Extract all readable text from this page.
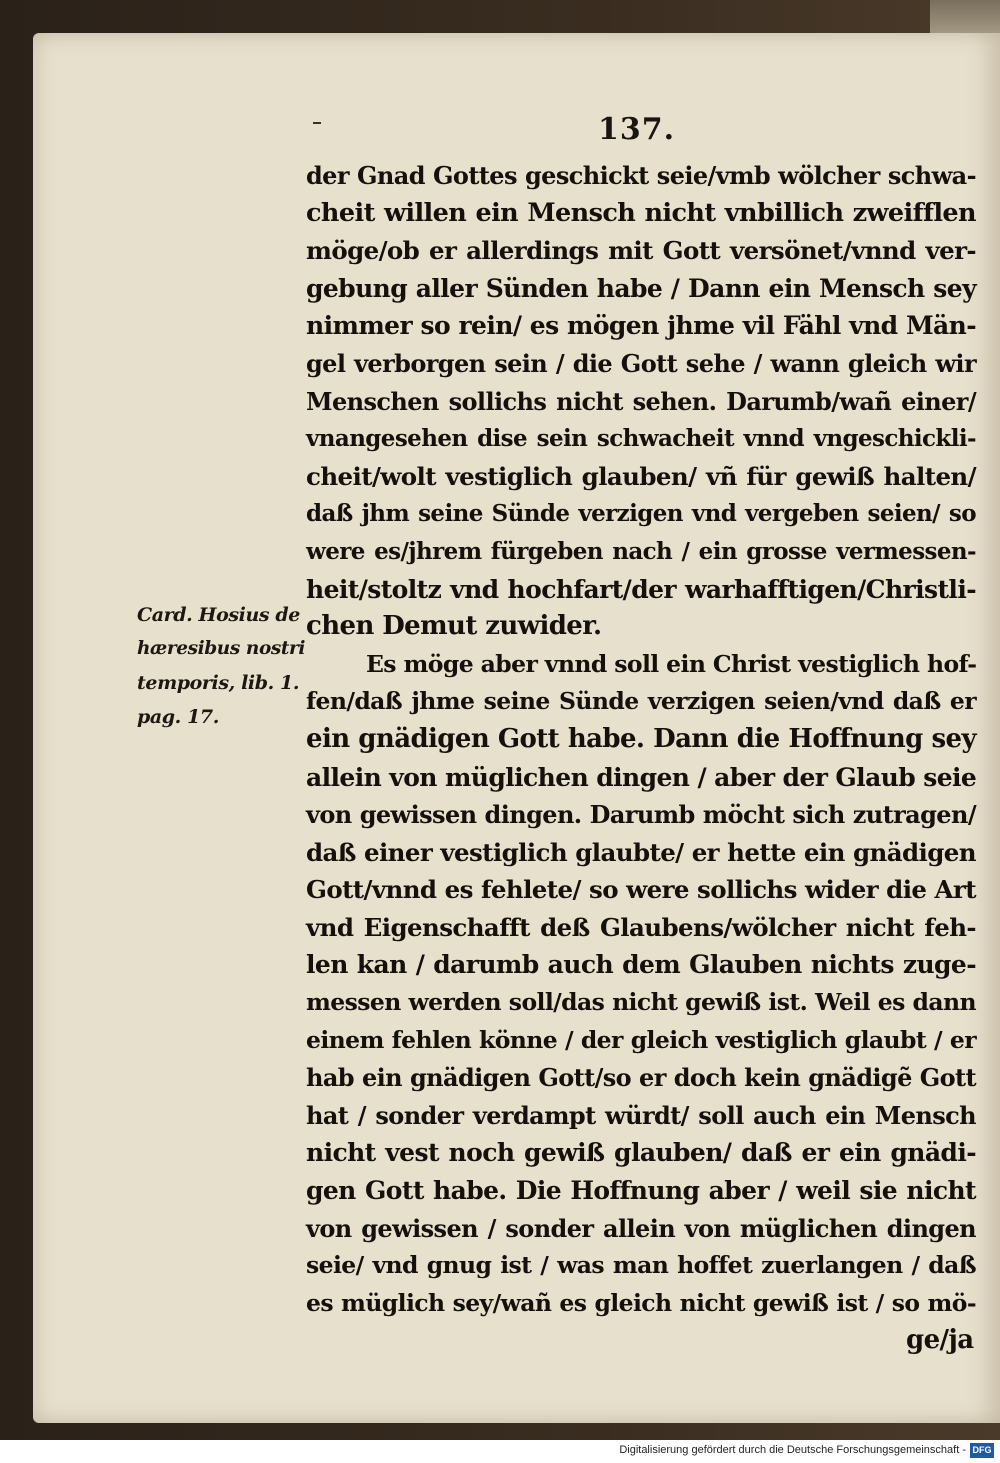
137.
der Gnad Gottes geschickt seie/vmb wölcher schwa-
cheit willen ein Mensch nicht vnbillich zweifflen
möge/ob er allerdings mit Gott versönet/vnnd ver-
gebung aller Sünden habe / Dann ein Mensch sey
nimmer so rein/ es mögen jhme vil Fähl vnd Män-
gel verborgen sein / die Gott sehe / wann gleich wir
Menschen sollichs nicht sehen. Darumb/wañ einer/
vnangesehen dise sein schwacheit vnnd vngeschickli-
cheit/wolt vestiglich glauben/ vñ für gewiß halten/
daß jhm seine Sünde verzigen vnd vergeben seien/ so
were es/jhrem fürgeben nach / ein grosse vermessen-
heit/stoltz vnd hochfart/der warhafftigen/Christli-
chen Demut zuwider.
Es möge aber vnnd soll ein Christ vestiglich hof-
fen/daß jhme seine Sünde verzigen seien/vnd daß er
ein gnädigen Gott habe. Dann die Hoffnung sey
allein von müglichen dingen / aber der Glaub seie
von gewissen dingen. Darumb möcht sich zutragen/
daß einer vestiglich glaubte/ er hette ein gnädigen
Gott/vnnd es fehlete/ so were sollichs wider die Art
vnd Eigenschafft deß Glaubens/wölcher nicht feh-
len kan / darumb auch dem Glauben nichts zuge-
messen werden soll/das nicht gewiß ist. Weil es dann
einem fehlen könne / der gleich vestiglich glaubt / er
hab ein gnädigen Gott/so er doch kein gnädigẽ Gott
hat / sonder verdampt würdt/ soll auch ein Mensch
nicht vest noch gewiß glauben/ daß er ein gnädi-
gen Gott habe. Die Hoffnung aber / weil sie nicht
von gewissen / sonder allein von müglichen dingen
seie/ vnd gnug ist / was man hoffet zuerlangen / daß
es müglich sey/wañ es gleich nicht gewiß ist / so mö-
ge/ja
Card. Hosius de
hæresibus nostri
temporis, lib. 1.
pag. 17.
Digitalisierung gefördert durch die Deutsche Forschungsgemeinschaft - DFG
